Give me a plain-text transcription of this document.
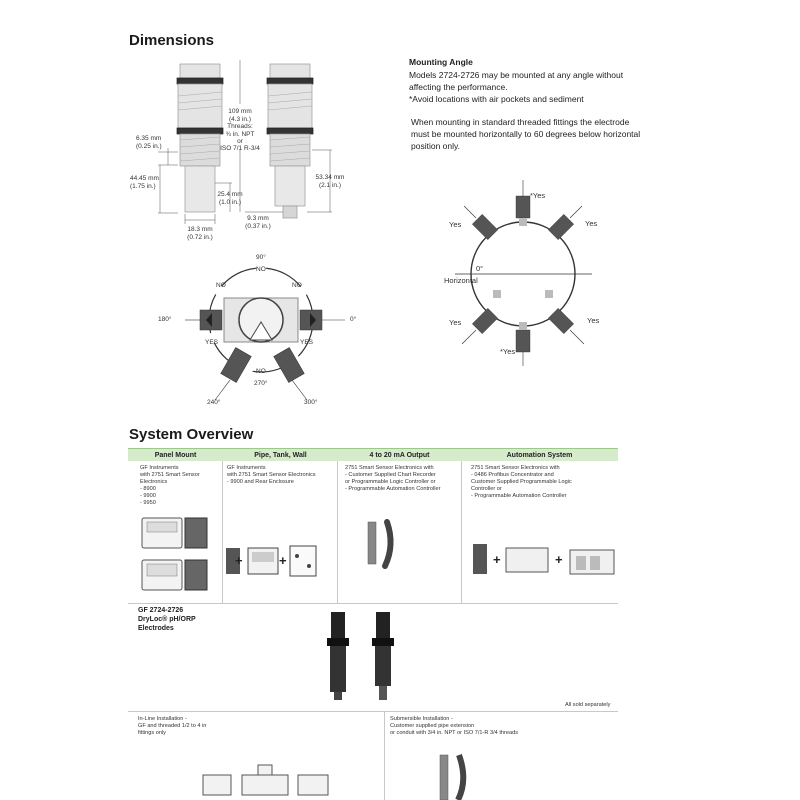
Dimensions
109 mm
(4.3 in.)
Threads:
¾ in. NPT
or
ISO 7/1 R-3/4
6.35 mm
(0.25 in.)
44.45 mm
(1.75 in.)
25.4 mm
(1.0 in.)
53.34 mm
(2.1 in.)
9.3 mm
(0.37 in.)
18.3 mm
(0.72 in.)
90°
NO
NO	NO
180°	0°
YES	YES
NO
270°
240°	300°
Mounting Angle
Models 2724-2726 may be mounted at any angle without
affecting the performance.
*Avoid locations with air pockets and sediment
When mounting in standard threaded fittings the electrode
must be mounted horizontally to 60 degrees below horizontal
position only.
*Yes
Yes	Yes
0°
Horizontal
Yes	Yes
*Yes
System Overview
Panel Mount	Pipe, Tank, Wall	4 to 20 mA Output	Automation System
GF Instruments
with 2751 Smart Sensor
Electronics
- 8900
- 9900
- 9950
GF Instruments
with 2751 Smart Sensor Electronics
- 9900 and Rear Enclosure
2751 Smart Sensor Electronics with
- Customer Supplied Chart Recorder
or Programmable Logic Controller or
- Programmable Automation Controller
2751 Smart Sensor Electronics with
- 0486 Profibus Concentrator and
Customer Supplied Programmable Logic
Controller or
- Programmable Automation Controller
+	+	+	+
GF 2724-2726
DryLoc® pH/ORP
Electrodes
All sold separately
In-Line Installation -
GF and threaded 1/2 to 4 in
fittings only
Submersible Installation -
Customer supplied pipe extension
or conduit with 3/4 in. NPT or ISO 7/1-R 3/4 threads
